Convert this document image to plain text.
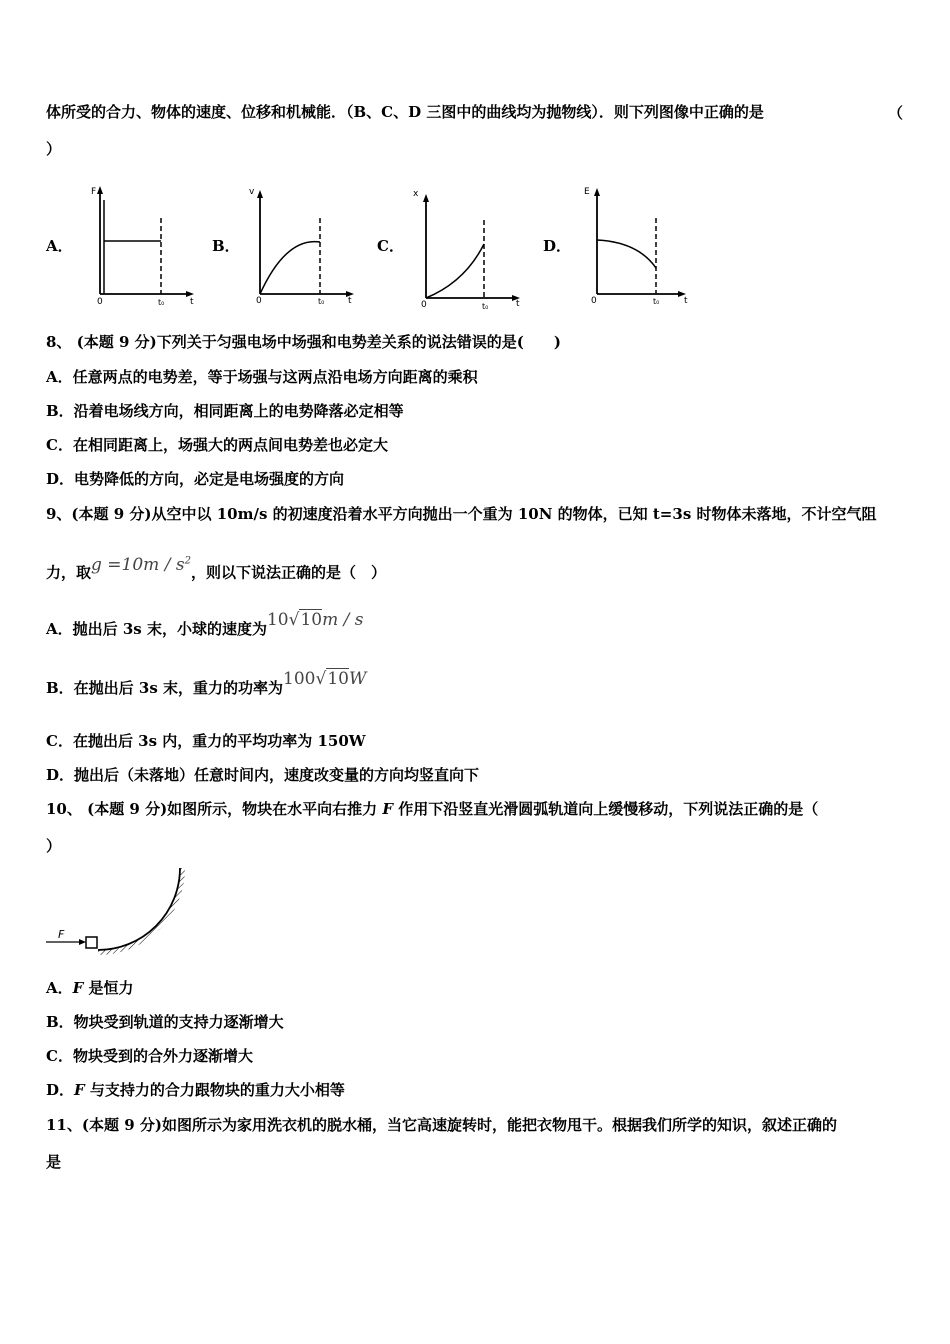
体所受的合力、物体的速度、位移和机械能．（B、C、D 三图中的曲线均为抛物线）．则下列图像中正确的是	（
）
A．	B．	C．	D．
F
t
0	t₀
v
t
0	t₀
x
t
0	t₀
E
t
0	t₀
8、 (本题 9 分)下列关于匀强电场中场强和电势差关系的说法错误的是(　　)
A．任意两点的电势差，等于场强与这两点沿电场方向距离的乘积
B．沿着电场线方向，相同距离上的电势降落必定相等
C．在相同距离上，场强大的两点间电势差也必定大
D．电势降低的方向，必定是电场强度的方向
9、(本题 9 分)从空中以 10m/s 的初速度沿着水平方向抛出一个重为 10N 的物体，已知 t=3s 时物体未落地，不计空气阻
力，取$g =10m / s^2$，则以下说法正确的是（　）
A．抛出后 3s 末，小球的速度为10√10m / s
B．在抛出后 3s 末，重力的功率为100√10W
C．在抛出后 3s 内，重力的平均功率为 150W
D．抛出后（未落地）任意时间内，速度改变量的方向均竖直向下
10、 (本题 9 分)如图所示，物块在水平向右推力 F 作用下沿竖直光滑圆弧轨道向上缓慢移动，下列说法正确的是（
）
F
A．F 是恒力
B．物块受到轨道的支持力逐渐增大
C．物块受到的合外力逐渐增大
D．F 与支持力的合力跟物块的重力大小相等
11、(本题 9 分)如图所示为家用洗衣机的脱水桶，当它高速旋转时，能把衣物甩干。根据我们所学的知识，叙述正确的
是
